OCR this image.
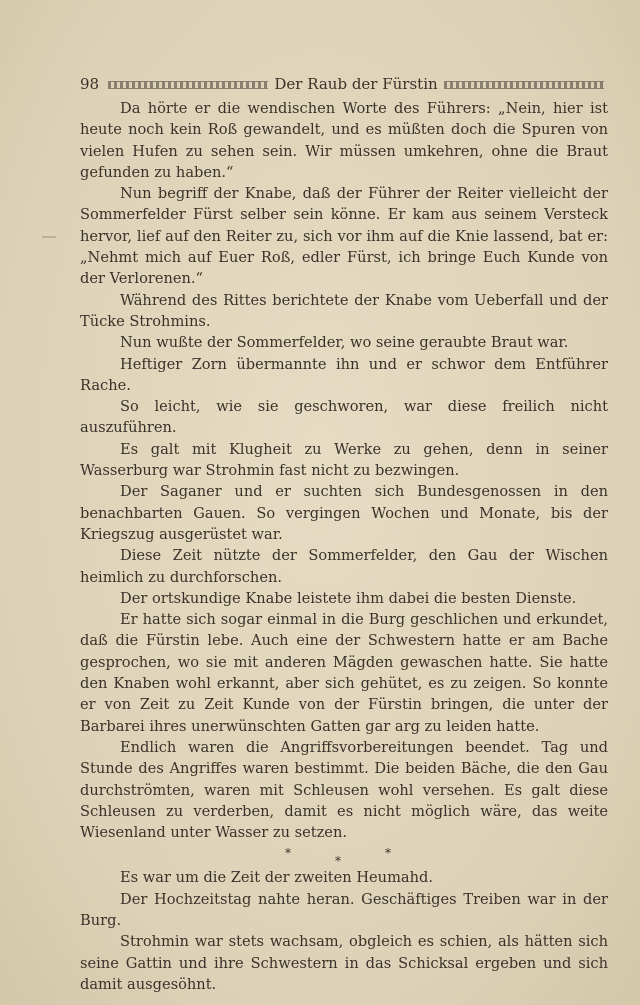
98	Der Raub der Fürstin

Da hörte er die wendischen Worte des Führers: „Nein, hier ist heute noch kein Roß gewandelt, und es müßten doch die Spuren von vielen Hufen zu sehen sein. Wir müssen umkehren, ohne die Braut gefunden zu haben.“

Nun begriff der Knabe, daß der Führer der Reiter vielleicht der Sommerfelder Fürst selber sein könne. Er kam aus seinem Versteck hervor, lief auf den Reiter zu, sich vor ihm auf die Knie lassend, bat er: „Nehmt mich auf Euer Roß, edler Fürst, ich bringe Euch Kunde von der Verlorenen.“

Während des Rittes berichtete der Knabe vom Ueberfall und der Tücke Strohmins.

Nun wußte der Sommerfelder, wo seine geraubte Braut war.

Heftiger Zorn übermannte ihn und er schwor dem Entführer Rache.

So leicht, wie sie geschworen, war diese freilich nicht auszuführen.

Es galt mit Klugheit zu Werke zu gehen, denn in seiner Wasserburg war Strohmin fast nicht zu bezwingen.

Der Saganer und er suchten sich Bundesgenossen in den benachbarten Gauen. So vergingen Wochen und Monate, bis der Kriegszug ausgerüstet war.

Diese Zeit nützte der Sommerfelder, den Gau der Wischen heimlich zu durchforschen.

Der ortskundige Knabe leistete ihm dabei die besten Dienste.

Er hatte sich sogar einmal in die Burg geschlichen und erkundet, daß die Fürstin lebe. Auch eine der Schwestern hatte er am Bache gesprochen, wo sie mit anderen Mägden gewaschen hatte. Sie hatte den Knaben wohl erkannt, aber sich gehütet, es zu zeigen. So konnte er von Zeit zu Zeit Kunde von der Fürstin bringen, die unter der Barbarei ihres unerwünschten Gatten gar arg zu leiden hatte.

Endlich waren die Angriffsvorbereitungen beendet. Tag und Stunde des Angriffes waren bestimmt. Die beiden Bäche, die den Gau durchströmten, waren mit Schleusen wohl versehen. Es galt diese Schleusen zu verderben, damit es nicht möglich wäre, das weite Wiesenland unter Wasser zu setzen.

*	*
*

Es war um die Zeit der zweiten Heumahd.

Der Hochzeitstag nahte heran. Geschäftiges Treiben war in der Burg.

Strohmin war stets wachsam, obgleich es schien, als hätten sich seine Gattin und ihre Schwestern in das Schicksal ergeben und sich damit ausgesöhnt.
